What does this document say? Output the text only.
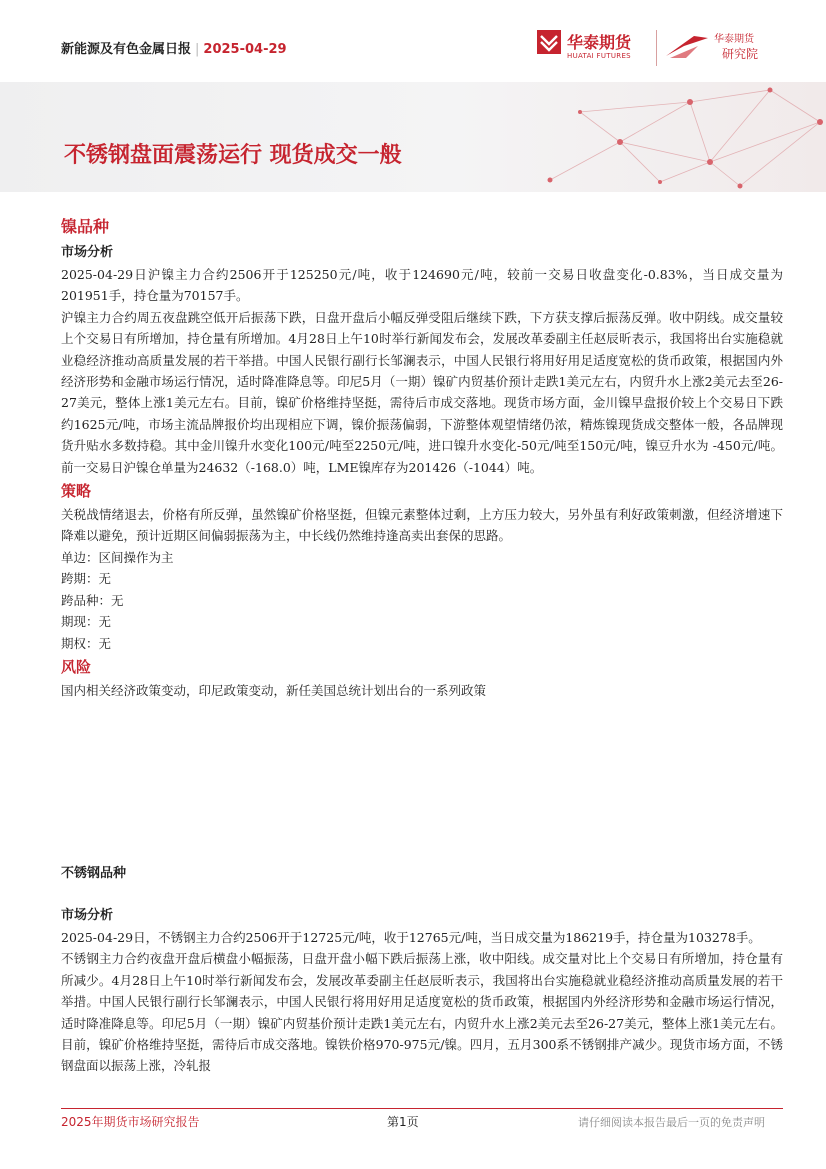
新能源及有色金属日报 | 2025-04-29	华泰期货
HUATAI FUTURES
华泰期货
研究院
不锈钢盘面震荡运行 现货成交一般
镍品种
市场分析

2025-04-29日沪镍主力合约2506开于125250元/吨，收于124690元/吨，较前一交易日收盘变化-0.83%，当日成交量为201951手，持仓量为70157手。

沪镍主力合约周五夜盘跳空低开后振荡下跌，日盘开盘后小幅反弹受阻后继续下跌，下方获支撑后振荡反弹。收中阴线。成交量较上个交易日有所增加，持仓量有所增加。4月28日上午10时举行新闻发布会，发展改革委副主任赵辰昕表示，我国将出台实施稳就业稳经济推动高质量发展的若干举措。中国人民银行副行长邹澜表示，中国人民银行将用好用足适度宽松的货币政策，根据国内外经济形势和金融市场运行情况，适时降准降息等。印尼5月（一期）镍矿内贸基价预计走跌1美元左右，内贸升水上涨2美元去至26-27美元，整体上涨1美元左右。目前，镍矿价格维持坚挺，需待后市成交落地。现货市场方面，金川镍早盘报价较上个交易日下跌约1625元/吨，市场主流品牌报价均出现相应下调，镍价振荡偏弱，下游整体观望情绪仍浓，精炼镍现货成交整体一般，各品牌现货升贴水多数持稳。其中金川镍升水变化100元/吨至2250元/吨，进口镍升水变化-50元/吨至150元/吨，镍豆升水为 -450元/吨。前一交易日沪镍仓单量为24632（-168.0）吨，LME镍库存为201426（-1044）吨。

策略

关税战情绪退去，价格有所反弹，虽然镍矿价格坚挺，但镍元素整体过剩，上方压力较大，另外虽有利好政策刺激，但经济增速下降难以避免，预计近期区间偏弱振荡为主，中长线仍然维持逢高卖出套保的思路。

单边：区间操作为主

跨期：无

跨品种：无

期现：无

期权：无

风险

国内相关经济政策变动，印尼政策变动，新任美国总统计划出台的一系列政策

不锈钢品种
市场分析

2025-04-29日，不锈钢主力合约2506开于12725元/吨，收于12765元/吨，当日成交量为186219手，持仓量为103278手。

不锈钢主力合约夜盘开盘后横盘小幅振荡，日盘开盘小幅下跌后振荡上涨，收中阳线。成交量对比上个交易日有所增加，持仓量有所减少。4月28日上午10时举行新闻发布会，发展改革委副主任赵辰昕表示，我国将出台实施稳就业稳经济推动高质量发展的若干举措。中国人民银行副行长邹澜表示，中国人民银行将用好用足适度宽松的货币政策，根据国内外经济形势和金融市场运行情况，适时降准降息等。印尼5月（一期）镍矿内贸基价预计走跌1美元左右，内贸升水上涨2美元去至26-27美元，整体上涨1美元左右。目前，镍矿价格维持坚挺，需待后市成交落地。镍铁价格970-975元/镍。四月，五月300系不锈钢排产减少。现货市场方面，不锈钢盘面以振荡上涨，冷轧报

2025年期货市场研究报告	第1页	请仔细阅读本报告最后一页的免责声明
